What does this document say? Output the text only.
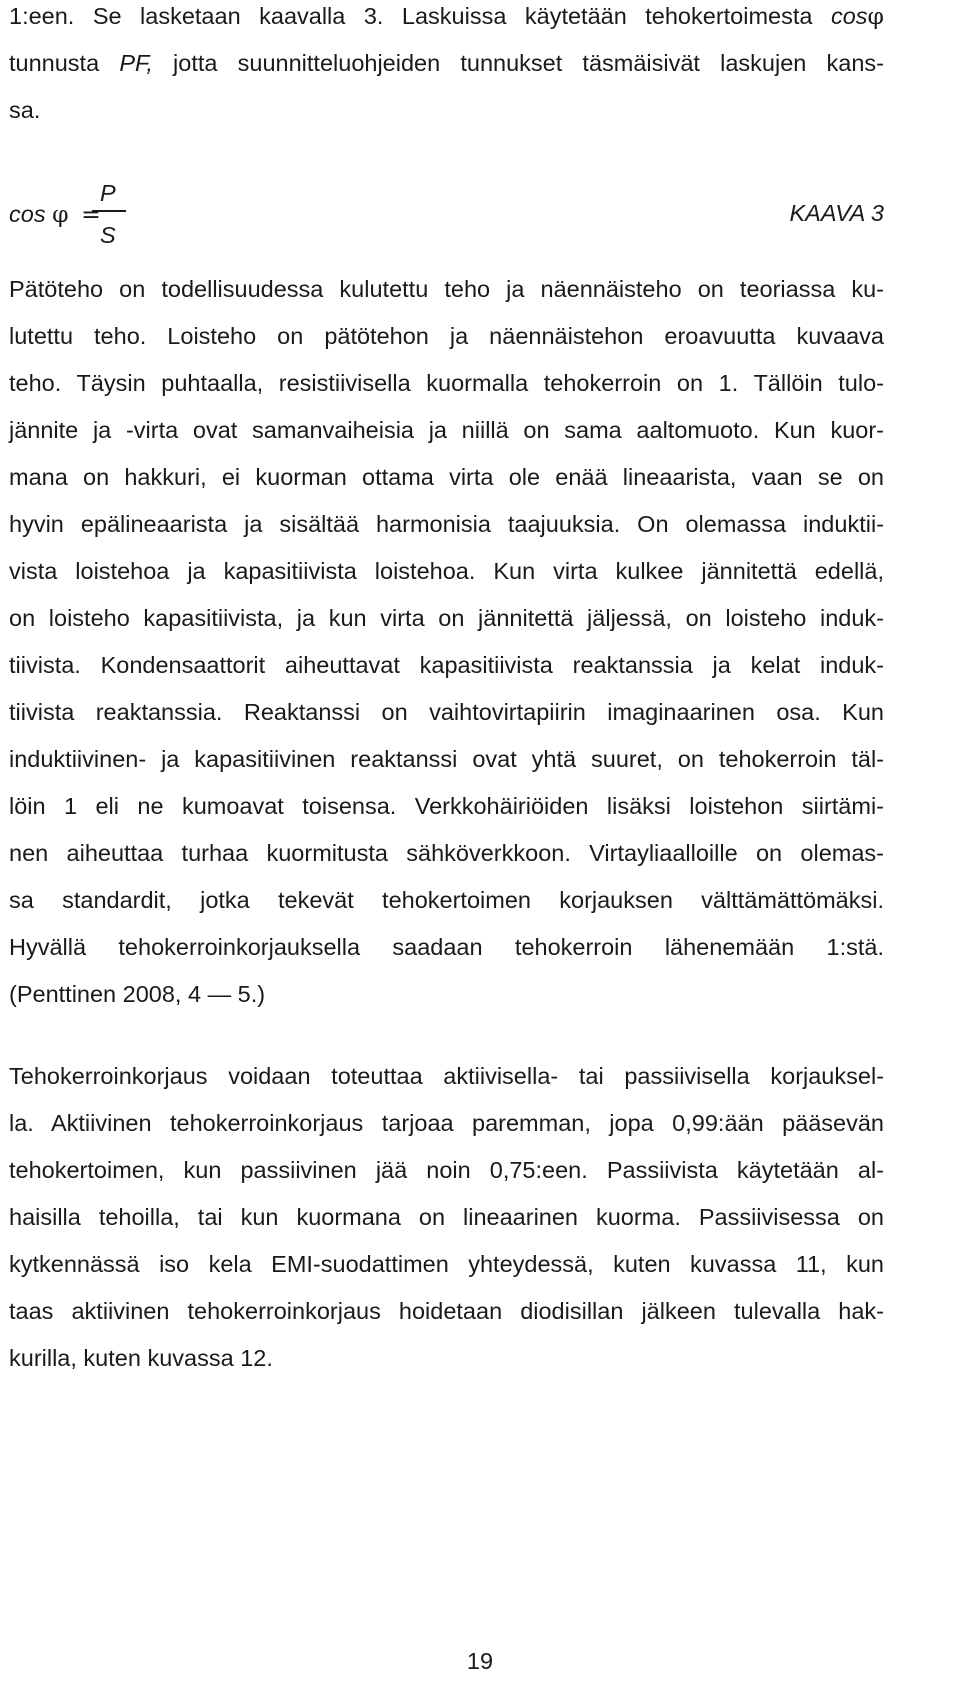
1:een. Se lasketaan kaavalla 3. Laskuissa käytetään tehokertoimesta cosφ
tunnusta PF, jotta suunnitteluohjeiden tunnukset täsmäisivät laskujen kans-
sa.
cos φ =
P
S
KAAVA 3
Pätöteho on todellisuudessa kulutettu teho ja näennäisteho on teoriassa ku-
lutettu teho. Loisteho on pätötehon ja näennäistehon eroavuutta kuvaava
teho. Täysin puhtaalla, resistiivisella kuormalla tehokerroin on 1. Tällöin tulo-
jännite ja -virta ovat samanvaiheisia ja niillä on sama aaltomuoto. Kun kuor-
mana on hakkuri, ei kuorman ottama virta ole enää lineaarista, vaan se on
hyvin epälineaarista ja sisältää harmonisia taajuuksia. On olemassa induktii-
vista loistehoa ja kapasitiivista loistehoa. Kun virta kulkee jännitettä edellä,
on loisteho kapasitiivista, ja kun virta on jännitettä jäljessä, on loisteho induk-
tiivista. Kondensaattorit aiheuttavat kapasitiivista reaktanssia ja kelat induk-
tiivista reaktanssia. Reaktanssi on vaihtovirtapiirin imaginaarinen osa. Kun
induktiivinen- ja kapasitiivinen reaktanssi ovat yhtä suuret, on tehokerroin täl-
löin 1 eli ne kumoavat toisensa. Verkkohäiriöiden lisäksi loistehon siirtämi-
nen aiheuttaa turhaa kuormitusta sähköverkkoon. Virtayliaalloille on olemas-
sa standardit, jotka tekevät tehokertoimen korjauksen välttämättömäksi.
Hyvällä tehokerroinkorjauksella saadaan tehokerroin lähenemään 1:stä.
(Penttinen 2008, 4 — 5.)
Tehokerroinkorjaus voidaan toteuttaa aktiivisella- tai passiivisella korjauksel-
la. Aktiivinen tehokerroinkorjaus tarjoaa paremman, jopa 0,99:ään pääsevän
tehokertoimen, kun passiivinen jää noin 0,75:een. Passiivista käytetään al-
haisilla tehoilla, tai kun kuormana on lineaarinen kuorma. Passiivisessa on
kytkennässä iso kela EMI-suodattimen yhteydessä, kuten kuvassa 11, kun
taas aktiivinen tehokerroinkorjaus hoidetaan diodisillan jälkeen tulevalla hak-
kurilla, kuten kuvassa 12.
19
